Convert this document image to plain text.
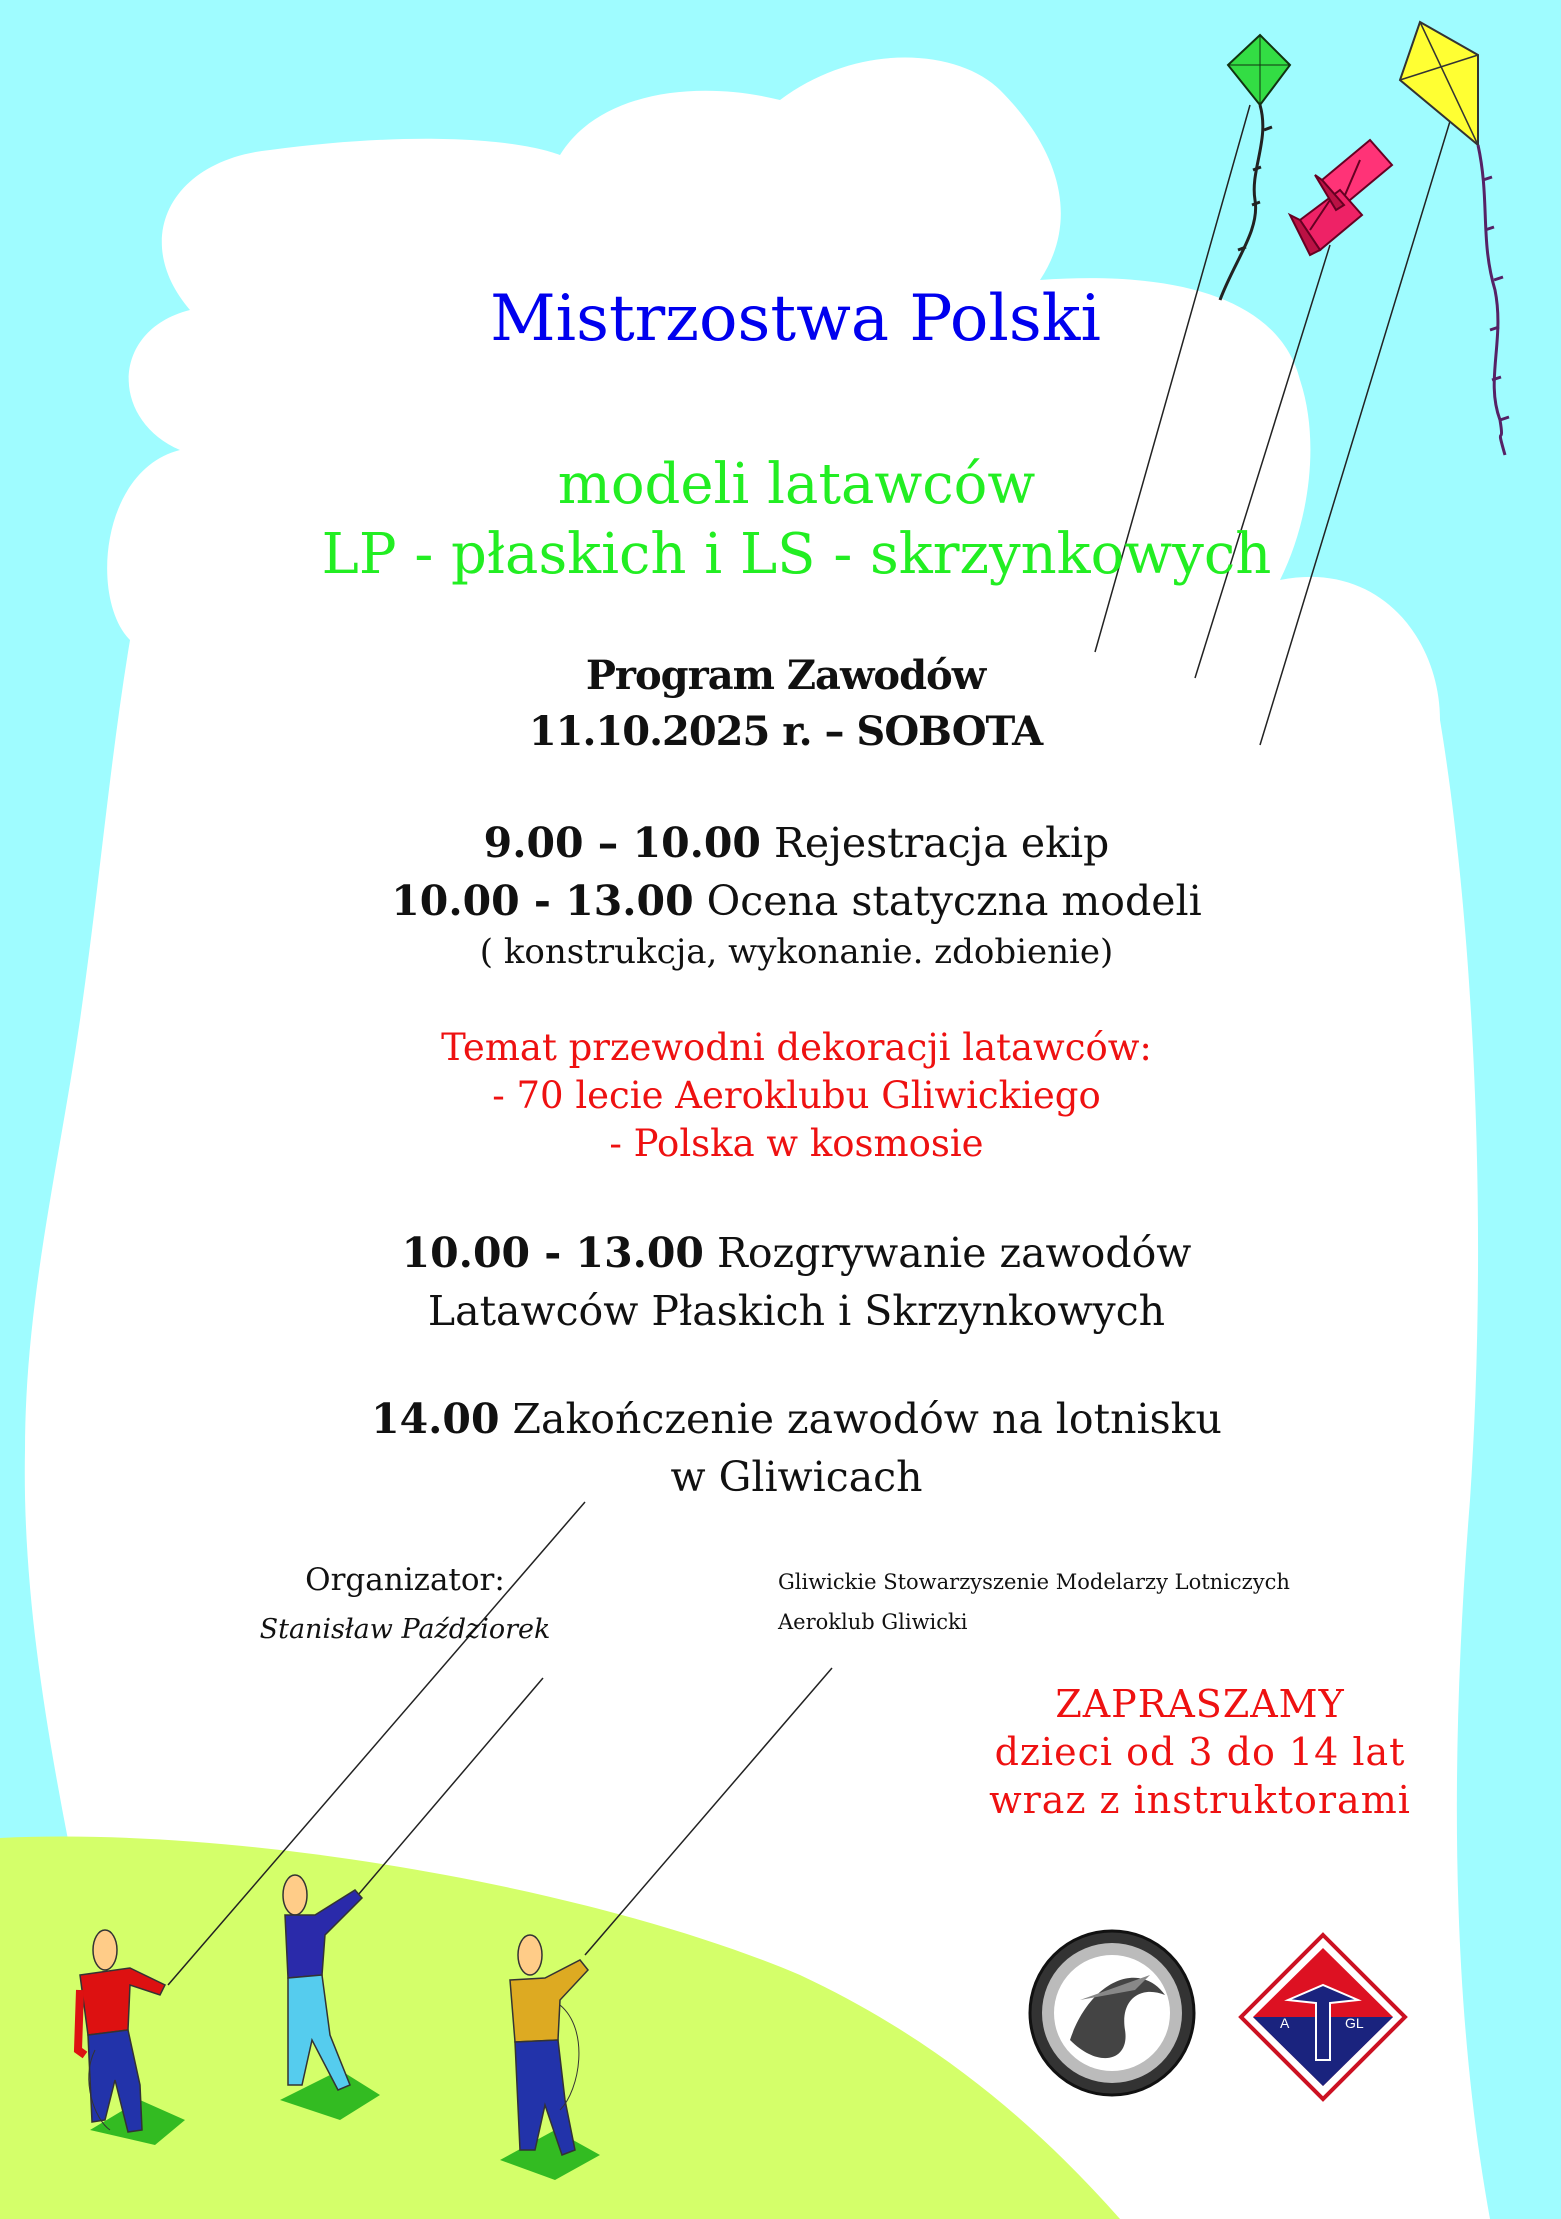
A	GL
Mistrzostwa Polski
modeli latawców
LP - płaskich i LS - skrzynkowych
Program Zawodów
11.10.2025 r. – SOBOTA
9.00 – 10.00 Rejestracja ekip
10.00 - 13.00 Ocena statyczna modeli
( konstrukcja, wykonanie. zdobienie)
Temat przewodni dekoracji latawców:
- 70 lecie Aeroklubu Gliwickiego
- Polska w kosmosie
10.00 - 13.00 Rozgrywanie zawodów
Latawców Płaskich i Skrzynkowych
14.00 Zakończenie zawodów na lotnisku
w Gliwicach
Organizator:
Stanisław Paździorek
Gliwickie Stowarzyszenie Modelarzy Lotniczych
Aeroklub Gliwicki
ZAPRASZAMY
dzieci od 3 do 14 lat
wraz z instruktorami
